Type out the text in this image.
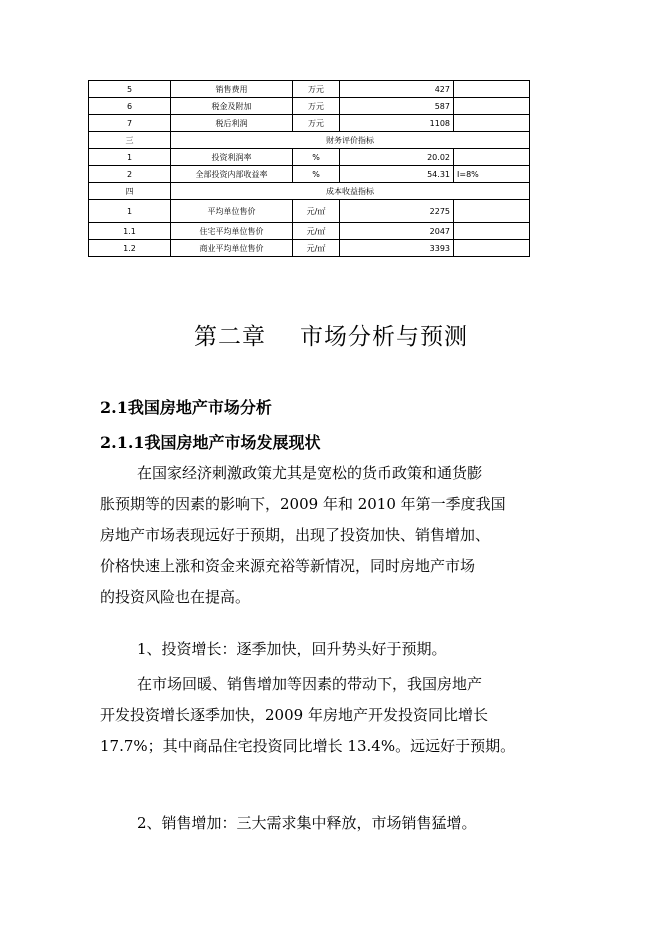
5	销售费用	万元	427	
6	税金及附加	万元	587	
7	税后利润	万元	1108	
三	财务评价指标			
1	投资利润率	%	20.02	
2	全部投资内部收益率	%	54.31	I=8%
四	成本收益指标			
1	平均单位售价	元/㎡	2275	
1.1	住宅平均单位售价	元/㎡	2047	
1.2	商业平均单位售价	元/㎡	3393	
第二章 市场分析与预测
2.1我国房地产市场分析
2.1.1我国房地产市场发展现状
在国家经济刺激政策尤其是宽松的货币政策和通货膨
胀预期等的因素的影响下，2009 年和 2010 年第一季度我国
房地产市场表现远好于预期，出现了投资加快、销售增加、
价格快速上涨和资金来源充裕等新情况，同时房地产市场
的投资风险也在提高。
1、投资增长：逐季加快，回升势头好于预期。
在市场回暖、销售增加等因素的带动下，我国房地产
开发投资增长逐季加快，2009 年房地产开发投资同比增长
17.7%；其中商品住宅投资同比增长 13.4%。远远好于预期。
2、销售增加：三大需求集中释放，市场销售猛增。
